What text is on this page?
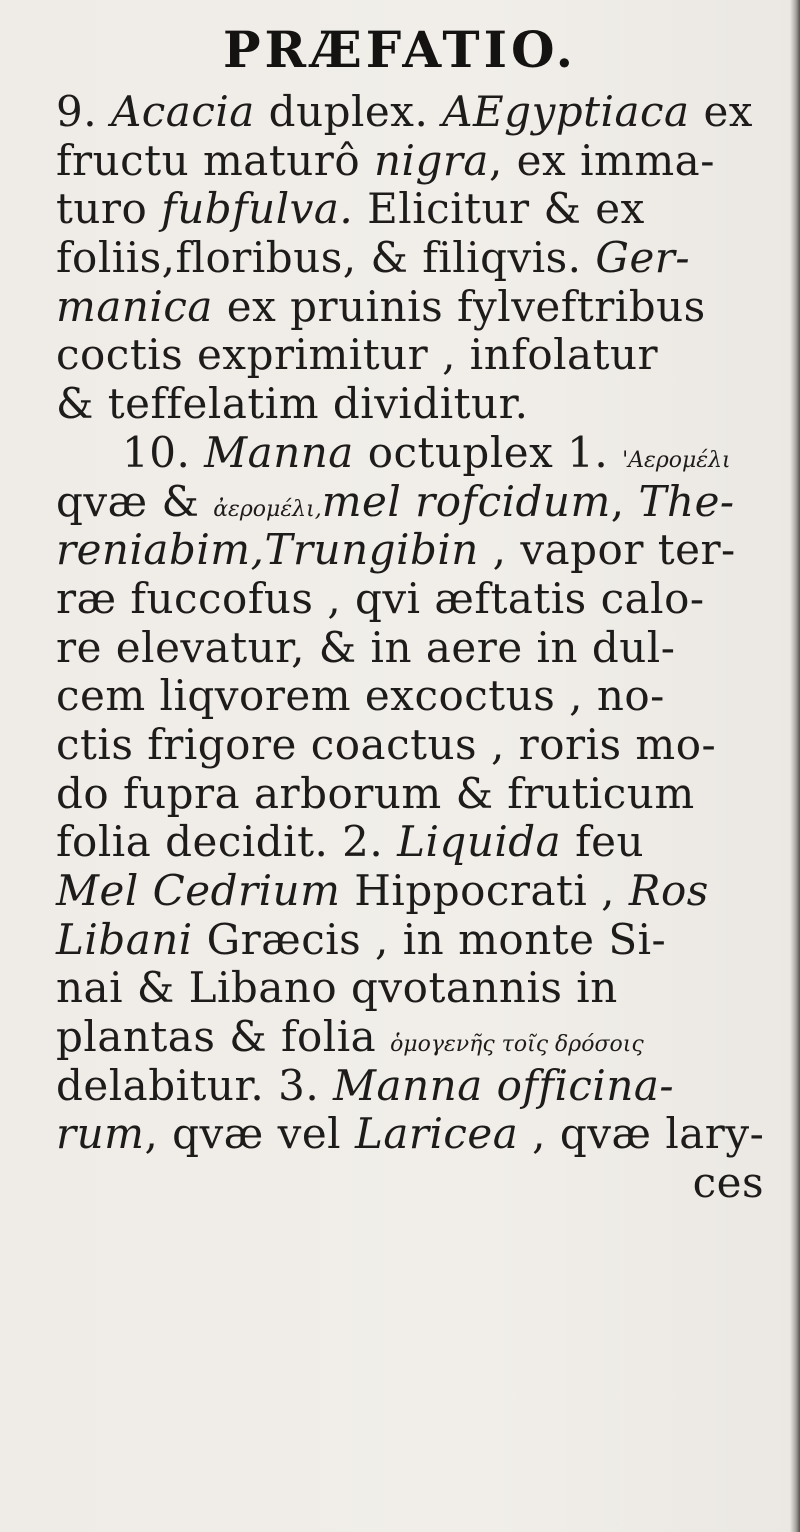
PRÆFATIO.
9. Acacia duplex. AEgyptiaca ex
fructu maturô nigra, ex imma-
turo fubfulva. Elicitur & ex
foliis,floribus, & filiqvis. Ger-
manica ex pruinis fylveftribus
coctis exprimitur , infolatur
& teffelatim dividitur.
10. Manna octuplex 1. 'Αερομέλι
qvæ & ἀερομέλι,mel rofcidum, The-
reniabim,Trungibin , vapor ter-
ræ fuccofus , qvi æftatis calo-
re elevatur, & in aere in dul-
cem liqvorem excoctus , no-
ctis frigore coactus , roris mo-
do fupra arborum & fruticum
folia decidit. 2. Liquida feu
Mel Cedrium Hippocrati , Ros
Libani Græcis , in monte Si-
nai & Libano qvotannis in
plantas & folia ὁμογενῆς τοῖς δρόσοις
delabitur. 3. Manna officina-
rum, qvæ vel Laricea , qvæ lary-
ces
